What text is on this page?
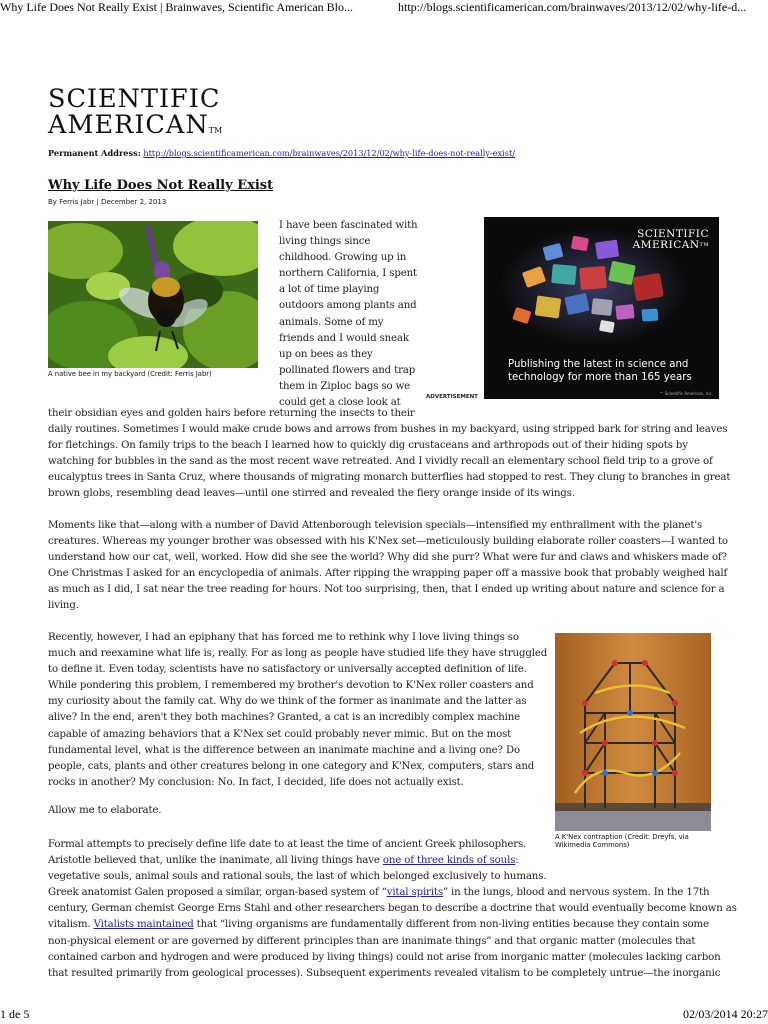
Why Life Does Not Really Exist | Brainwaves, Scientific American Blo...	http://blogs.scientificamerican.com/brainwaves/2013/12/02/why-life-d...
SCIENTIFIC
AMERICAN™
Permanent Address: http://blogs.scientificamerican.com/brainwaves/2013/12/02/why-life-does-not-really-exist/
Why Life Does Not Really Exist
By Ferris Jabr | December 2, 2013
A native bee in my backyard (Credit: Ferris Jabr)

I have been fascinated with

living things since

childhood. Growing up in

northern California, I spent

a lot of time playing

outdoors among plants and

animals. Some of my

friends and I would sneak

up on bees as they

pollinated flowers and trap

them in Ziploc bags so we

could get a close look at

SCIENTIFIC
AMERICAN™
Publishing the latest in science and
technology for more than 165 years
™ Scientific American, Inc.
ADVERTISEMENT

their obsidian eyes and golden hairs before returning the insects to their

daily routines. Sometimes I would make crude bows and arrows from bushes in my backyard, using stripped bark for string and leaves

for fletchings. On family trips to the beach I learned how to quickly dig crustaceans and arthropods out of their hiding spots by

watching for bubbles in the sand as the most recent wave retreated. And I vividly recall an elementary school field trip to a grove of

eucalyptus trees in Santa Cruz, where thousands of migrating monarch butterflies had stopped to rest. They clung to branches in great

brown globs, resembling dead leaves—until one stirred and revealed the fiery orange inside of its wings.

Moments like that—along with a number of David Attenborough television specials—intensified my enthrallment with the planet's

creatures. Whereas my younger brother was obsessed with his K'Nex set—meticulously building elaborate roller coasters—I wanted to

understand how our cat, well, worked. How did she see the world? Why did she purr? What were fur and claws and whiskers made of?

One Christmas I asked for an encyclopedia of animals. After ripping the wrapping paper off a massive book that probably weighed half

as much as I did, I sat near the tree reading for hours. Not too surprising, then, that I ended up writing about nature and science for a

living.

A K'Nex contraption (Credit: Dreyfs, via
Wikimedia Commons)

Recently, however, I had an epiphany that has forced me to rethink why I love living things so

much and reexamine what life is, really. For as long as people have studied life they have struggled

to define it. Even today, scientists have no satisfactory or universally accepted definition of life.

While pondering this problem, I remembered my brother's devotion to K'Nex roller coasters and

my curiosity about the family cat. Why do we think of the former as inanimate and the latter as

alive? In the end, aren't they both machines? Granted, a cat is an incredibly complex machine

capable of amazing behaviors that a K'Nex set could probably never mimic. But on the most

fundamental level, what is the difference between an inanimate machine and a living one? Do

people, cats, plants and other creatures belong in one category and K'Nex, computers, stars and

rocks in another? My conclusion: No. In fact, I decided, life does not actually exist.

Allow me to elaborate.

Formal attempts to precisely define life date to at least the time of ancient Greek philosophers.

Aristotle believed that, unlike the inanimate, all living things have one of three kinds of souls:

vegetative souls, animal souls and rational souls, the last of which belonged exclusively to humans.

Greek anatomist Galen proposed a similar, organ-based system of “vital spirits” in the lungs, blood and nervous system. In the 17th

century, German chemist George Erns Stahl and other researchers began to describe a doctrine that would eventually become known as

vitalism. Vitalists maintained that “living organisms are fundamentally different from non-living entities because they contain some

non-physical element or are governed by different principles than are inanimate things” and that organic matter (molecules that

contained carbon and hydrogen and were produced by living things) could not arise from inorganic matter (molecules lacking carbon

that resulted primarily from geological processes). Subsequent experiments revealed vitalism to be completely untrue—the inorganic

1 de 5	02/03/2014 20:27
